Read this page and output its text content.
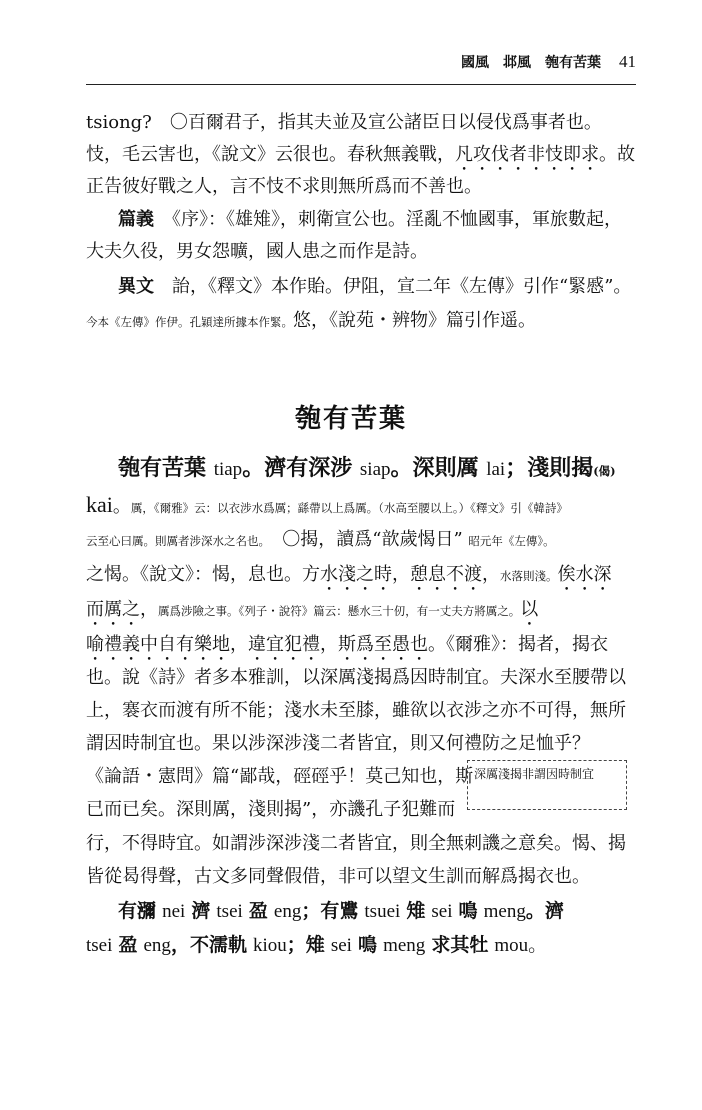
國風 邶風 匏有苦葉 41
tsiong?　〇百爾君子，指其夫並及宣公諸臣日以侵伐爲事者也。
忮，毛云害也，《說文》云很也。春秋無義戰，凡攻伐者非忮即求。故
正告彼好戰之人，言不忮不求則無所爲而不善也。
篇義　 《序》：《雄雉》，刺衛宣公也。淫亂不恤國事，軍旅數起，
大夫久役，男女怨曠，國人患之而作是詩。
異文　 詒，《釋文》本作貽。伊阻，宣二年《左傳》引作“緊慼”。
今本《左傳》作伊。孔穎達所據本作緊。悠，《說苑・辨物》篇引作遥。
匏有苦葉
匏有苦葉 tiap。濟有深涉 siap。深則厲 lai；淺則揭(偈)
kai。厲，《爾雅》云：以衣涉水爲厲；繇帶以上爲厲。（水高至腰以上。）《釋文》引《韓詩》
云至心曰厲。則厲者涉深水之名也。　 〇揭，讀爲“歆歲愒日” 昭元年《左傳》。
之愒。《說文》：愒，息也。方水淺之時，憩息不渡，水落則淺。俟水深
而厲之，厲爲涉險之事。《列子・說符》篇云：懸水三十仞，有一丈夫方將厲之。以
喻禮義中自有樂地，違宜犯禮，斯爲至愚也。《爾雅》：揭者，揭衣
也。說《詩》者多本雅訓，以深厲淺揭爲因時制宜。夫深水至腰帶以
上，褰衣而渡有所不能；淺水未至膝，雖欲以衣涉之亦不可得，無所
謂因時制宜也。果以涉深涉淺二者皆宜，則又何禮防之足恤乎？
《論語・憲問》篇“鄙哉，硜硜乎！莫己知也，斯
已而已矣。深則厲，淺則揭”，亦譏孔子犯難而
深厲淺揭非謂因時制宜
行，不得時宜。如謂涉深涉淺二者皆宜，則全無刺譏之意矣。愒、揭
皆從曷得聲，古文多同聲假借，非可以望文生訓而解爲揭衣也。
有瀰 nei 濟 tsei 盈 eng；有鷕 tsuei 雉 sei 鳴 meng。濟
tsei 盈 eng，不濡軌 kiou；雉 sei 鳴 meng 求其牡 mou。
